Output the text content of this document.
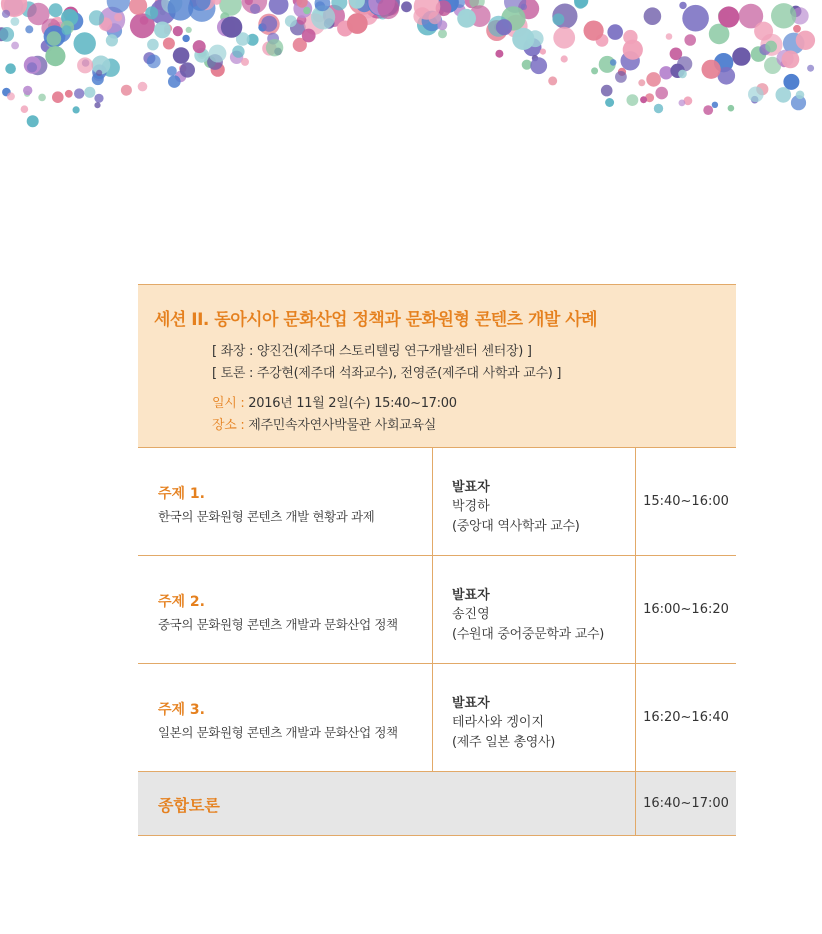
세션 II. 동아시아 문화산업 정책과 문화원형 콘텐츠 개발 사례
[ 좌장 : 양진건(제주대 스토리텔링 연구개발센터 센터장) ]
[ 토론 : 주강현(제주대 석좌교수), 전영준(제주대 사학과 교수) ]
일시 : 2016년 11월 2일(수) 15:40~17:00
장소 : 제주민속자연사박물관 사회교육실
주제 1.
한국의 문화원형 콘텐츠 개발 현황과 과제
발표자
박경하
(중앙대 역사학과 교수)
15:40~16:00
주제 2.
중국의 문화원형 콘텐츠 개발과 문화산업 정책
발표자
송진영
(수원대 중어중문학과 교수)
16:00~16:20
주제 3.
일본의 문화원형 콘텐츠 개발과 문화산업 정책
발표자
테라사와 겡이지
(제주 일본 총영사)
16:20~16:40
종합토론	16:40~17:00
